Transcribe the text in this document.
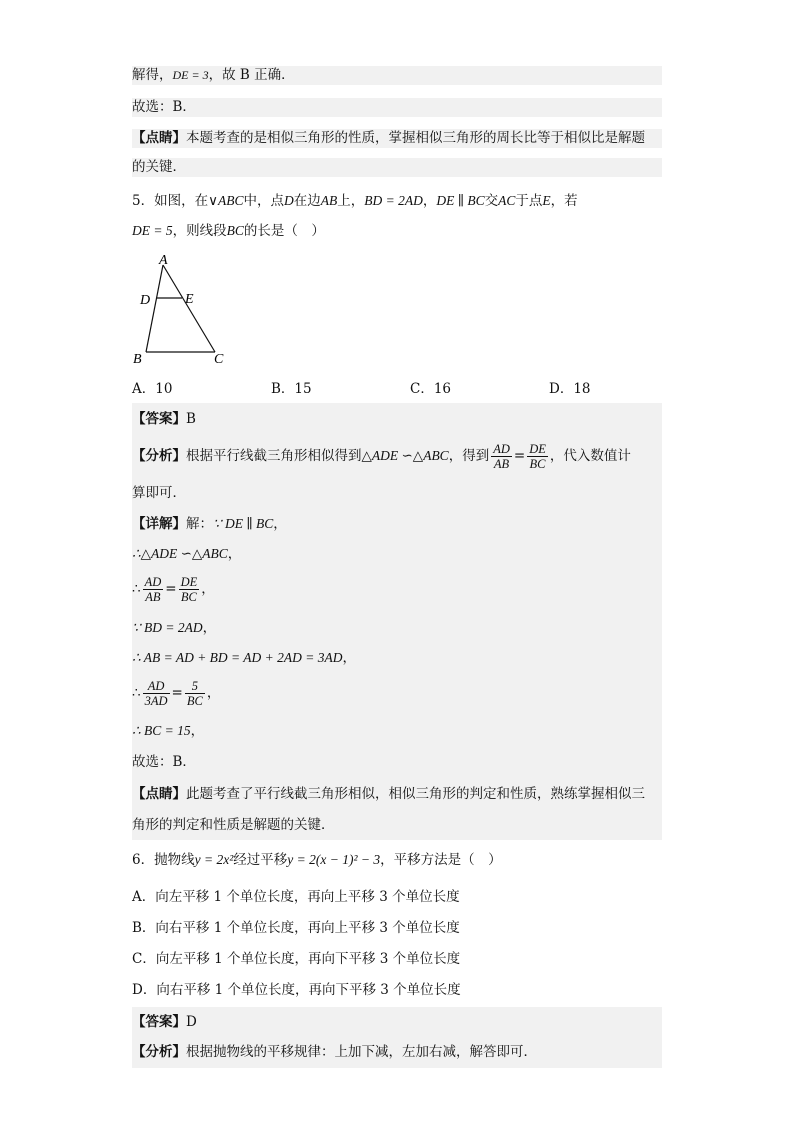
解得，DE = 3，故 B 正确．
故选：B．
【点睛】本题考查的是相似三角形的性质，掌握相似三角形的周长比等于相似比是解题
的关键．
5．如图，在∨ABC中，点D在边AB上，BD = 2AD，DE ∥ BC交AC于点E，若
DE = 5，则线段BC的长是（　）
A
D E
B	C
A．10	B．15	C．16	D．18
【答案】B
【分析】根据平行线截三角形相似得到△ADE ∽△ABC，得到 $\frac{AD}{AB} = \frac{DE}{BC}$ ，代入数值计
算即可．
【详解】解：∵ DE ∥ BC，
∴△ADE ∽△ABC，
∴ $\frac{AD}{AB} = \frac{DE}{BC}$ ，
∵ BD = 2AD，
∴ AB = AD + BD = AD + 2AD = 3AD，
∴ $\frac{AD}{3AD} = \frac{5}{BC}$ ，
∴ BC = 15，
故选：B．
【点睛】此题考查了平行线截三角形相似，相似三角形的判定和性质，熟练掌握相似三
角形的判定和性质是解题的关键．
6．抛物线y = 2x²经过平移y = 2(x − 1)² − 3，平移方法是（　）
A．向左平移 1 个单位长度，再向上平移 3 个单位长度
B．向右平移 1 个单位长度，再向上平移 3 个单位长度
C．向左平移 1 个单位长度，再向下平移 3 个单位长度
D．向右平移 1 个单位长度，再向下平移 3 个单位长度
【答案】D
【分析】根据抛物线的平移规律：上加下减，左加右减，解答即可．
